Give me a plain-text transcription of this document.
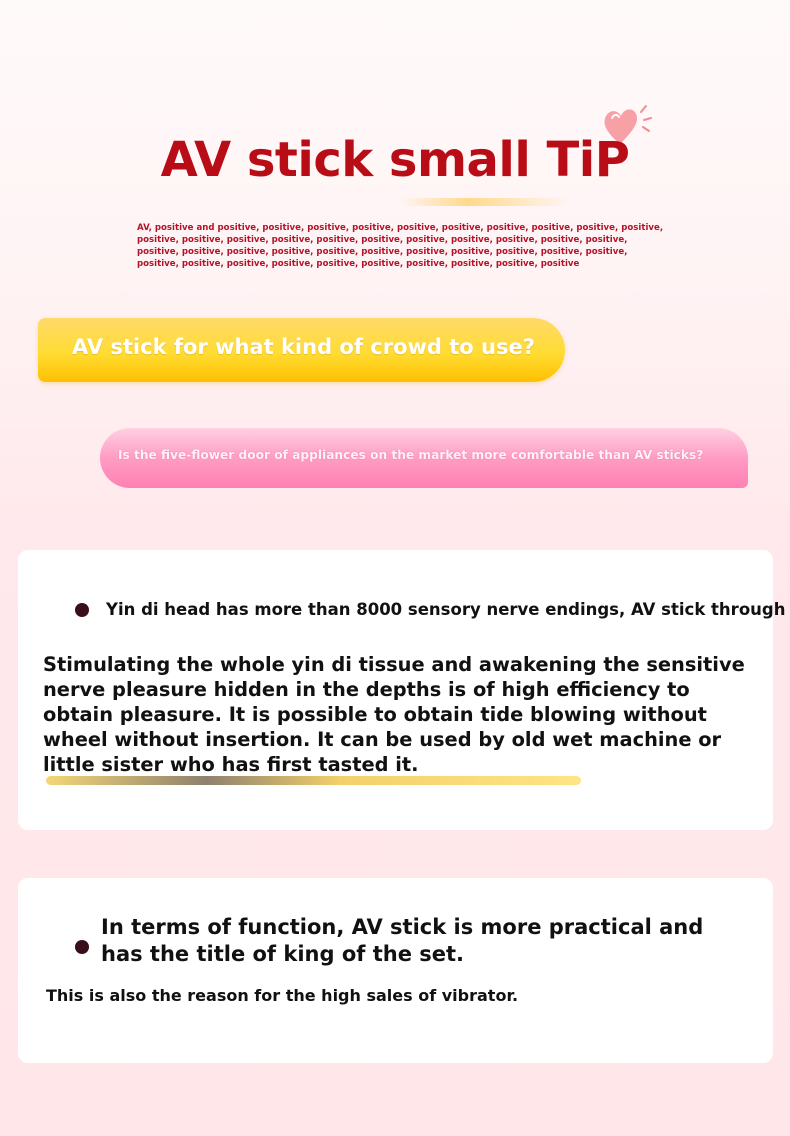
AV stick small TiP
AV, positive and positive, positive, positive, positive, positive, positive, positive, positive, positive, positive, positive, positive, positive, positive, positive, positive, positive, positive, positive, positive, positive, positive, positive, positive, positive, positive, positive, positive, positive, positive, positive, positive, positive, positive, positive, positive, positive, positive, positive, positive, positive, positive
AV stick for what kind of crowd to use?
Is the five-flower door of appliances on the market more comfortable than AV sticks?
Yin di head has more than 8000 sensory nerve endings, AV stick through
Stimulating the whole yin di tissue and awakening the sensitive nerve pleasure hidden in the depths is of high efficiency to obtain pleasure. It is possible to obtain tide blowing without wheel without insertion. It can be used by old wet machine or little sister who has first tasted it.
In terms of function, AV stick is more practical and has the title of king of the set.
This is also the reason for the high sales of vibrator.
